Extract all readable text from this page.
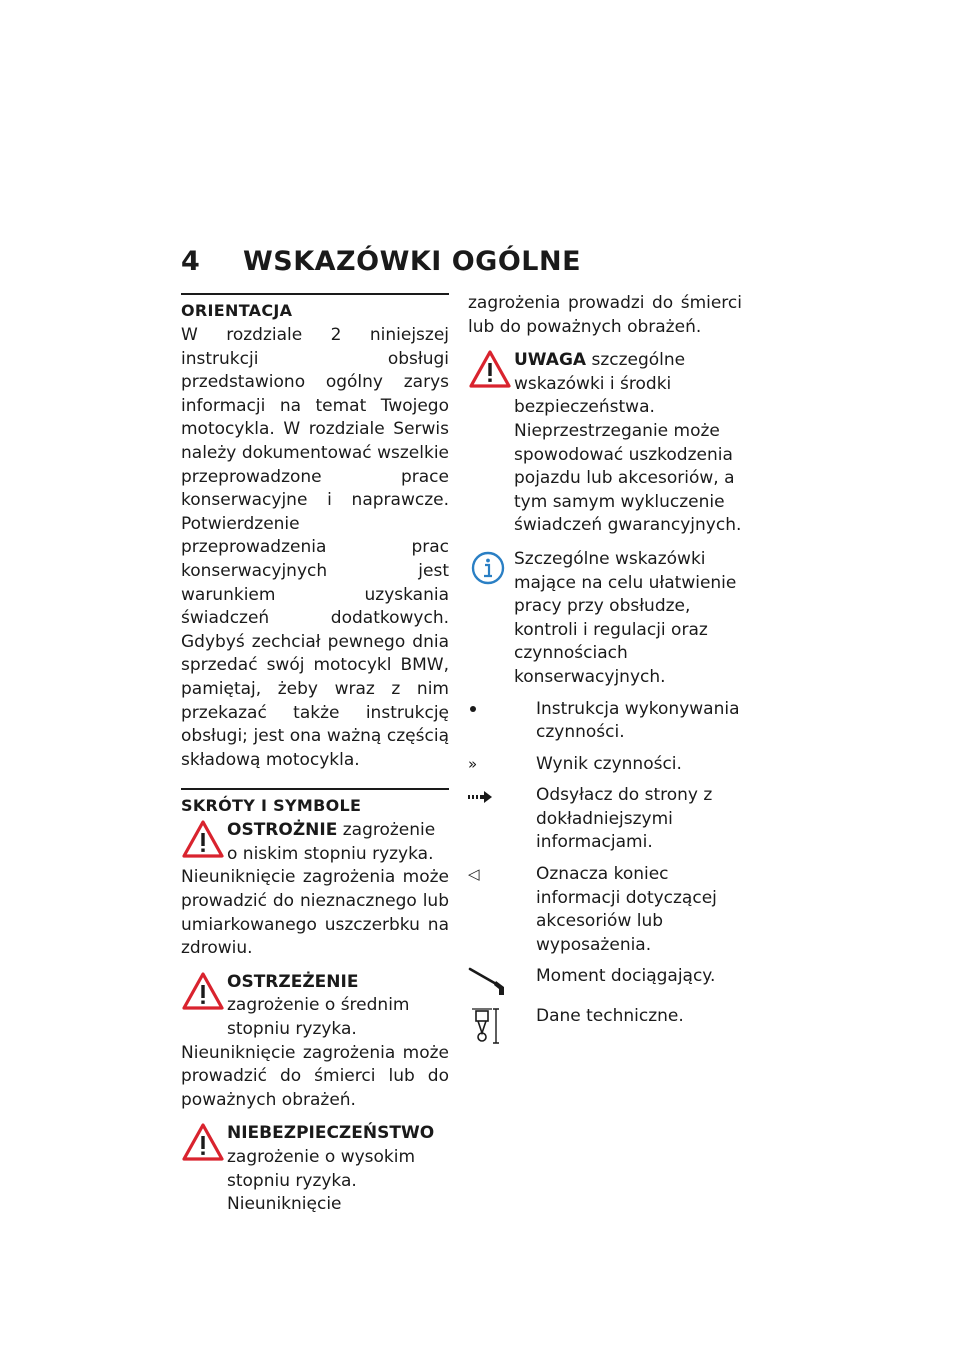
4 WSKAZÓWKI OGÓLNE
ORIENTACJA

W rozdziale 2 niniejszej instrukcji obsługi przedstawiono ogólny zarys informacji na temat Twojego motocykla. W rozdziale Serwis należy dokumentować wszelkie przeprowadzone prace konserwacyjne i naprawcze. Potwierdzenie przeprowadzenia prac konserwacyjnych jest warunkiem uzyskania świadczeń dodatkowych. Gdybyś zechciał pewnego dnia sprzedać swój motocykl BMW, pamiętaj, żeby wraz z nim przekazać także instrukcję obsługi; jest ona ważną częścią składową motocykla.

SKRÓTY I SYMBOLE
OSTROŻNIE zagrożenie o niskim stopniu ryzyka.

Nieuniknięcie zagrożenia może prowadzić do nieznacznego lub umiarkowanego uszczerbku na zdrowiu.

OSTRZEŻENIE zagrożenie o średnim stopniu ryzyka.

Nieuniknięcie zagrożenia może prowadzić do śmierci lub do poważnych obrażeń.

NIEBEZPIECZEŃSTWO zagrożenie o wysokim stopniu ryzyka. Nieuniknięcie

zagrożenia prowadzi do śmierci lub do poważnych obrażeń.

UWAGA szczególne wskazówki i środki bezpieczeństwa. Nieprzestrzeganie może spowodować uszkodzenia pojazdu lub akcesoriów, a tym samym wykluczenie świadczeń gwarancyjnych.
Szczególne wskazówki mające na celu ułatwienie pracy przy obsłudze, kontroli i regulacji oraz czynnościach konserwacyjnych.
Instrukcja wykonywania czynności.
»	Wynik czynności.
Odsyłacz do strony z dokładniejszymi informacjami.
◁	Oznacza koniec informacji dotyczącej akcesoriów lub wyposażenia.
Moment dociągający.
Dane techniczne.
